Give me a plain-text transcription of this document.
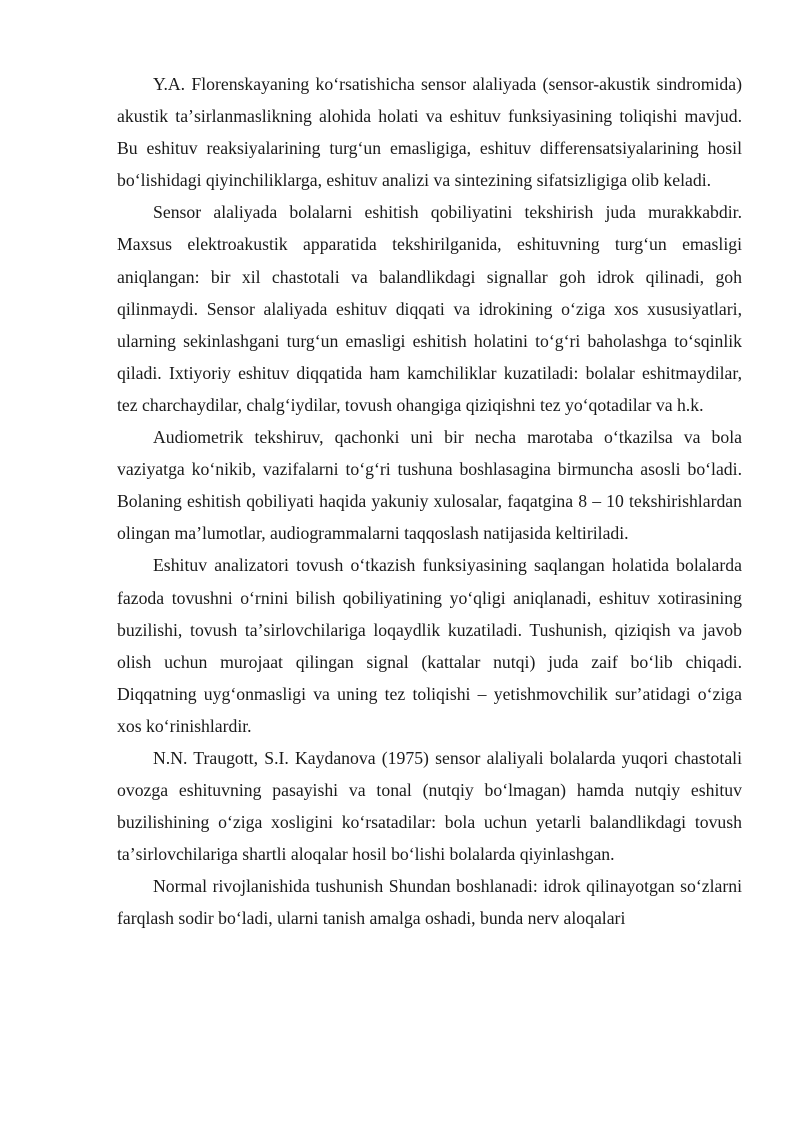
Y.A. Florenskayaning koʻrsatishicha sensor alaliyada (sensor-akustik sindromida) akustik taʼsirlanmaslikning alohida holati va eshituv funksiyasining toliqishi mavjud. Bu eshituv reaksiyalarining turgʻun emasligiga, eshituv differensatsiyalarining hosil boʻlishidagi qiyinchiliklarga, eshituv analizi va sintezining sifatsizligiga olib keladi.

Sensor alaliyada bolalarni eshitish qobiliyatini tekshirish juda murakkabdir. Maxsus elektroakustik apparatida tekshirilganida, eshituvning turgʻun emasligi aniqlangan: bir xil chastotali va balandlikdagi signallar goh idrok qilinadi, goh qilinmaydi. Sensor alaliyada eshituv diqqati va idrokining oʻziga xos xususiyatlari, ularning sekinlashgani turgʻun emasligi eshitish holatini toʻgʻri baholashga toʻsqinlik qiladi. Ixtiyoriy eshituv diqqatida ham kamchiliklar kuzatiladi: bolalar eshitmaydilar, tez charchaydilar, chalgʻiydilar, tovush ohangiga qiziqishni tez yoʻqotadilar va h.k.

Audiometrik tekshiruv, qachonki uni bir necha marotaba oʻtkazilsa va bola vaziyatga koʻnikib, vazifalarni toʻgʻri tushuna boshlasagina birmuncha asosli boʻladi. Bolaning eshitish qobiliyati haqida yakuniy xulosalar, faqatgina 8 – 10 tekshirishlardan olingan maʼlumotlar, audiogrammalarni taqqoslash natijasida keltiriladi.

Eshituv analizatori tovush oʻtkazish funksiyasining saqlangan holatida bolalarda fazoda tovushni oʻrnini bilish qobiliyatining yoʻqligi aniqlanadi, eshituv xotirasining buzilishi, tovush taʼsirlovchilariga loqaydlik kuzatiladi. Tushunish, qiziqish va javob olish uchun murojaat qilingan signal (kattalar nutqi) juda zaif boʻlib chiqadi. Diqqatning uygʻonmasligi va uning tez toliqishi – yetishmovchilik surʼatidagi oʻziga xos koʻrinishlardir.

N.N. Traugott, S.I. Kaydanova (1975) sensor alaliyali bolalarda yuqori chastotali ovozga eshituvning pasayishi va tonal (nutqiy boʻlmagan) hamda nutqiy eshituv buzilishining oʻziga xosligini koʻrsatadilar: bola uchun yetarli balandlikdagi tovush taʼsirlovchilariga shartli aloqalar hosil boʻlishi bolalarda qiyinlashgan.

Normal rivojlanishida tushunish Shundan boshlanadi: idrok qilinayotgan soʻzlarni farqlash sodir boʻladi, ularni tanish amalga oshadi, bunda nerv aloqalari
